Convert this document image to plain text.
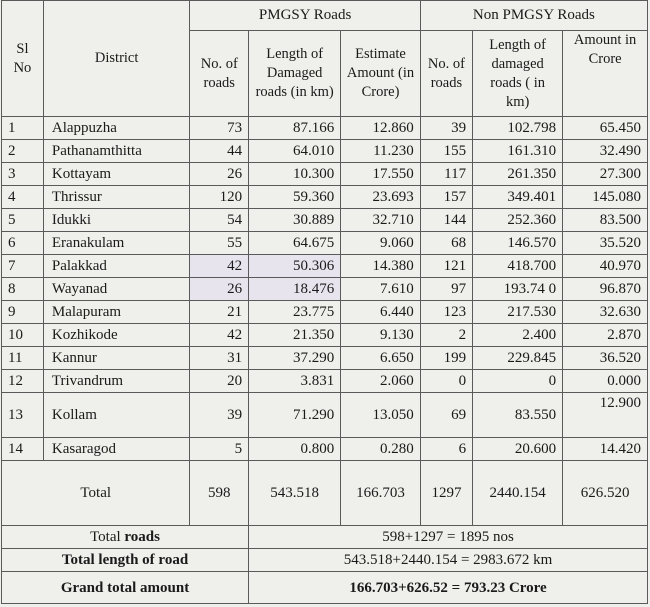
Sl No	District	PMGSY Roads			Non PMGSY Roads		
		No. of roads	Length of Damaged roads (in km)	Estimate Amount (in Crore)	No. of roads	Length of damaged roads ( in km)	Amount in Crore
1	Alappuzha	73	87.166	12.860	39	102.798	65.450
2	Pathanamthitta	44	64.010	11.230	155	161.310	32.490
3	Kottayam	26	10.300	17.550	117	261.350	27.300
4	Thrissur	120	59.360	23.693	157	349.401	145.080
5	Idukki	54	30.889	32.710	144	252.360	83.500
6	Eranakulam	55	64.675	9.060	68	146.570	35.520
7	Palakkad	42	50.306	14.380	121	418.700	40.970
8	Wayanad	26	18.476	7.610	97	193.74 0	96.870
9	Malapuram	21	23.775	6.440	123	217.530	32.630
10	Kozhikode	42	21.350	9.130	2	2.400	2.870
11	Kannur	31	37.290	6.650	199	229.845	36.520
12	Trivandrum	20	3.831	2.060	0	0	0.000
13	Kollam	39	71.290	13.050	69	83.550	12.900
14	Kasaragod	5	0.800	0.280	6	20.600	14.420
Total		598	543.518	166.703	1297	2440.154	626.520
Total roads			598+1297 = 1895 nos				
Total length of road			543.518+2440.154 = 2983.672 km				
Grand total amount			166.703+626.52 = 793.23 Crore				
